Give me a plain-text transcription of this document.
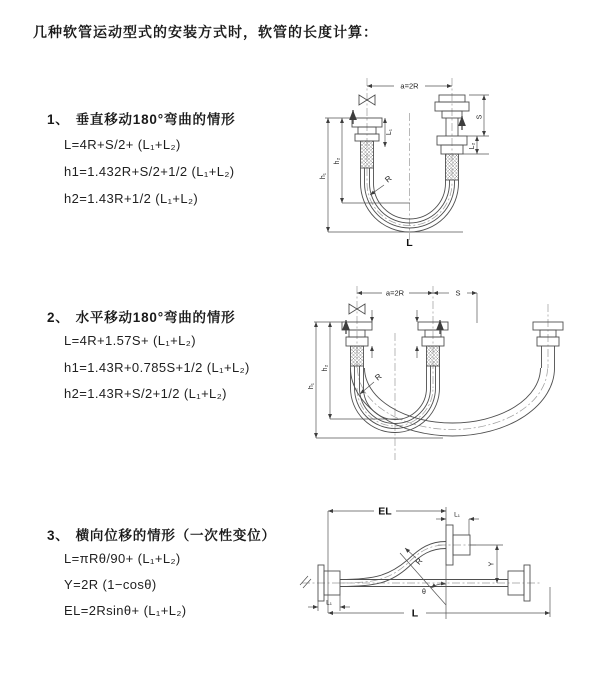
几种软管运动型式的安装方式时，软管的长度计算：
1、 垂直移动180°弯曲的情形
L=4R+S/2+ (L₁+L₂)
h1=1.432R+S/2+1/2 (L₁+L₂)
h2=1.43R+1/2 (L₁+L₂)
2、 水平移动180°弯曲的情形
L=4R+1.57S+ (L₁+L₂)
h1=1.43R+0.785S+1/2 (L₁+L₂)
h2=1.43R+S/2+1/2 (L₁+L₂)
3、 横向位移的情形（一次性变位）
L=πRθ/90+ (L₁+L₂)
Y=2R (1−cosθ)
EL=2Rsinθ+ (L₁+L₂)
a=2R
S
L₂
L₁
h₂
h₁	R
L
a=2R	S
h₂
h₁
R
EL	L₁
Y
R
θ
L
L₁
